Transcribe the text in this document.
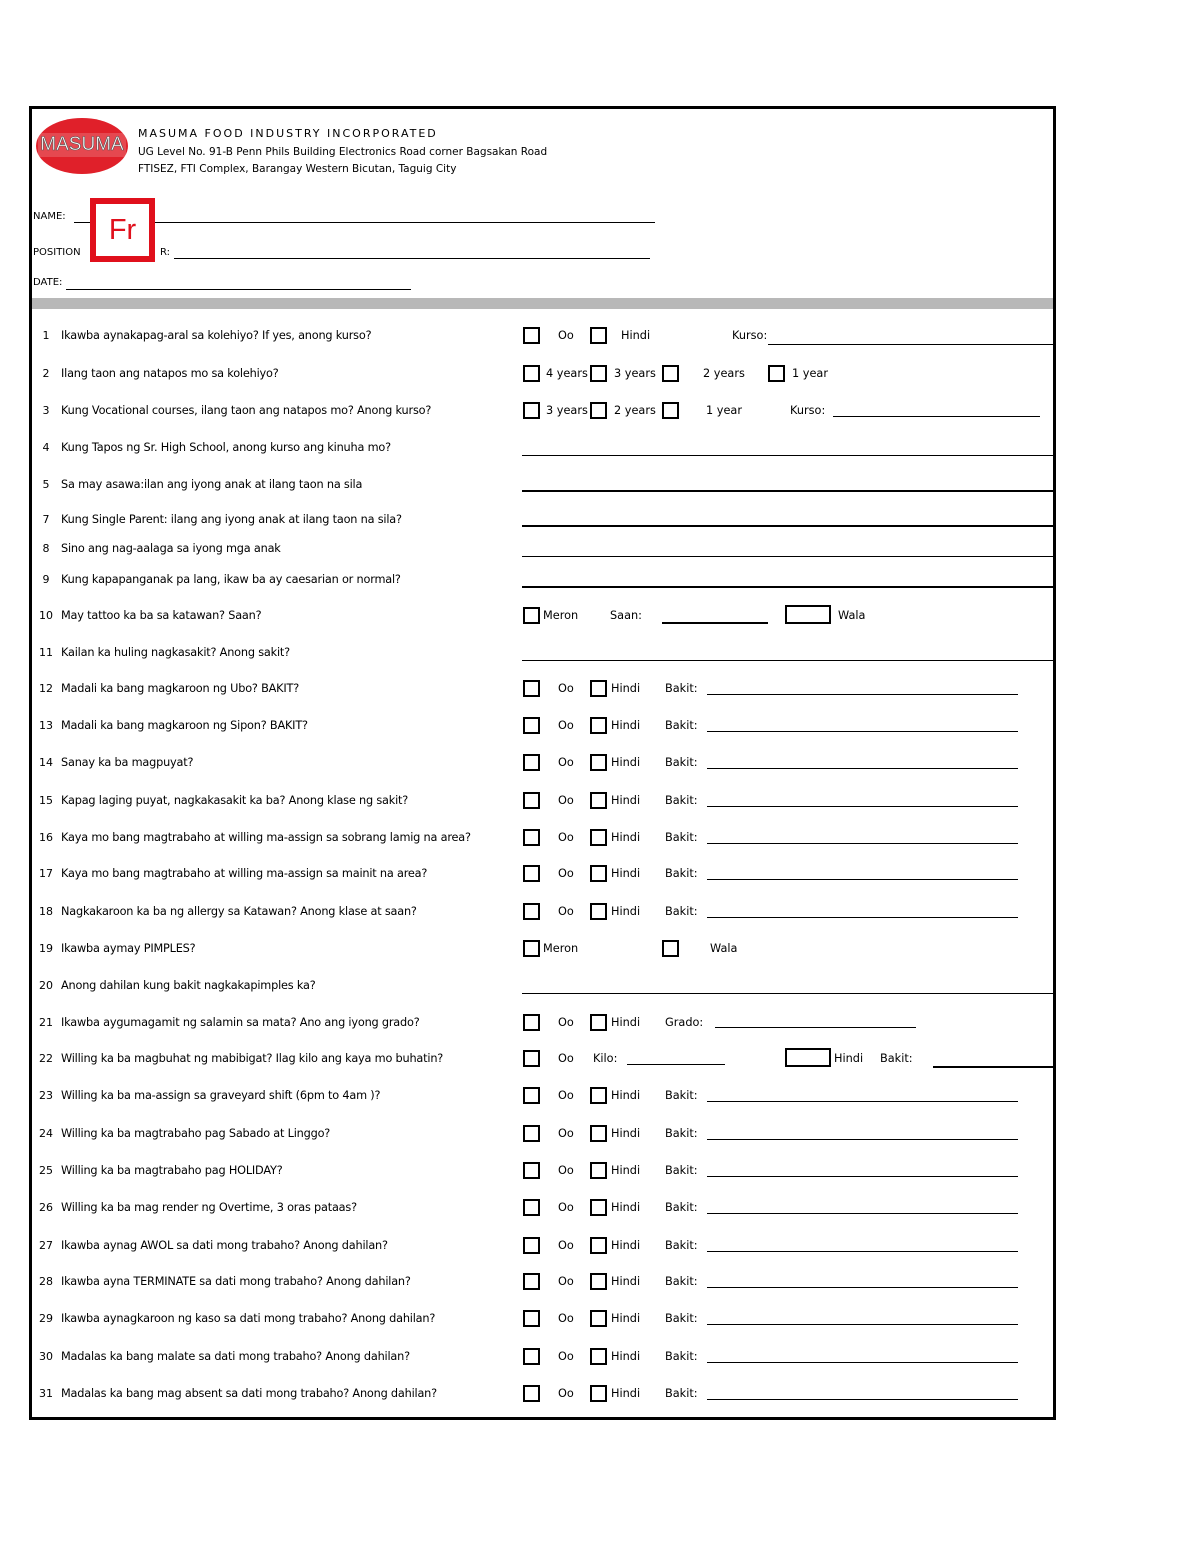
MASUMA
MASUMA FOOD INDUSTRY INCORPORATED
UG Level No. 91-B Penn Phils Building Electronics Road corner Bagsakan Road
FTISEZ, FTI Complex, Barangay Western Bicutan, Taguig City
NAME:
POSITION	R:
DATE:
Fr
1	Ikawba aynakapag-aral sa kolehiyo? If yes, anong kurso?	Oo	Hindi	Kurso:
2	Ilang taon ang natapos mo sa kolehiyo?	4 years 3 years	2 years	1 year
3	Kung Vocational courses, ilang taon ang natapos mo? Anong kurso?	3 years 2 years	1 year	Kurso:
4	Kung Tapos ng Sr. High School, anong kurso ang kinuha mo?
5	Sa may asawa:ilan ang iyong anak at ilang taon na sila
7	Kung Single Parent: ilang ang iyong anak at ilang taon na sila?
8	Sino ang nag-aalaga sa iyong mga anak
9	Kung kapapanganak pa lang, ikaw ba ay caesarian or normal?
10 May tattoo ka ba sa katawan? Saan?	Meron	Saan:	Wala
11 Kailan ka huling nagkasakit? Anong sakit?
12 Madali ka bang magkaroon ng Ubo? BAKIT?	Oo	Hindi Bakit:
13 Madali ka bang magkaroon ng Sipon? BAKIT?	Oo	Hindi Bakit:
14 Sanay ka ba magpuyat?	Oo	Hindi Bakit:
15 Kapag laging puyat, nagkakasakit ka ba? Anong klase ng sakit?	Oo	Hindi Bakit:
16 Kaya mo bang magtrabaho at willing ma-assign sa sobrang lamig na area?	Oo	Hindi Bakit:
17 Kaya mo bang magtrabaho at willing ma-assign sa mainit na area?	Oo	Hindi Bakit:
18 Nagkakaroon ka ba ng allergy sa Katawan? Anong klase at saan?	Oo	Hindi Bakit:
19 Ikawba aymay PIMPLES?	Meron	Wala
20 Anong dahilan kung bakit nagkakapimples ka?
21 Ikawba aygumagamit ng salamin sa mata? Ano ang iyong grado?	Oo	Hindi Grado:
22 Willing ka ba magbuhat ng mabibigat? Ilag kilo ang kaya mo buhatin?	Oo Kilo:	Hindi Bakit:
23 Willing ka ba ma-assign sa graveyard shift (6pm to 4am )?	Oo	Hindi Bakit:
24 Willing ka ba magtrabaho pag Sabado at Linggo?	Oo	Hindi Bakit:
25 Willing ka ba magtrabaho pag HOLIDAY?	Oo	Hindi Bakit:
26 Willing ka ba mag render ng Overtime, 3 oras pataas?	Oo	Hindi Bakit:
27 Ikawba aynag AWOL sa dati mong trabaho? Anong dahilan?	Oo	Hindi Bakit:
28 Ikawba ayna TERMINATE sa dati mong trabaho? Anong dahilan?	Oo	Hindi Bakit:
29 Ikawba aynagkaroon ng kaso sa dati mong trabaho? Anong dahilan?	Oo	Hindi Bakit:
30 Madalas ka bang malate sa dati mong trabaho? Anong dahilan?	Oo	Hindi Bakit:
31 Madalas ka bang mag absent sa dati mong trabaho? Anong dahilan?	Oo	Hindi Bakit:
